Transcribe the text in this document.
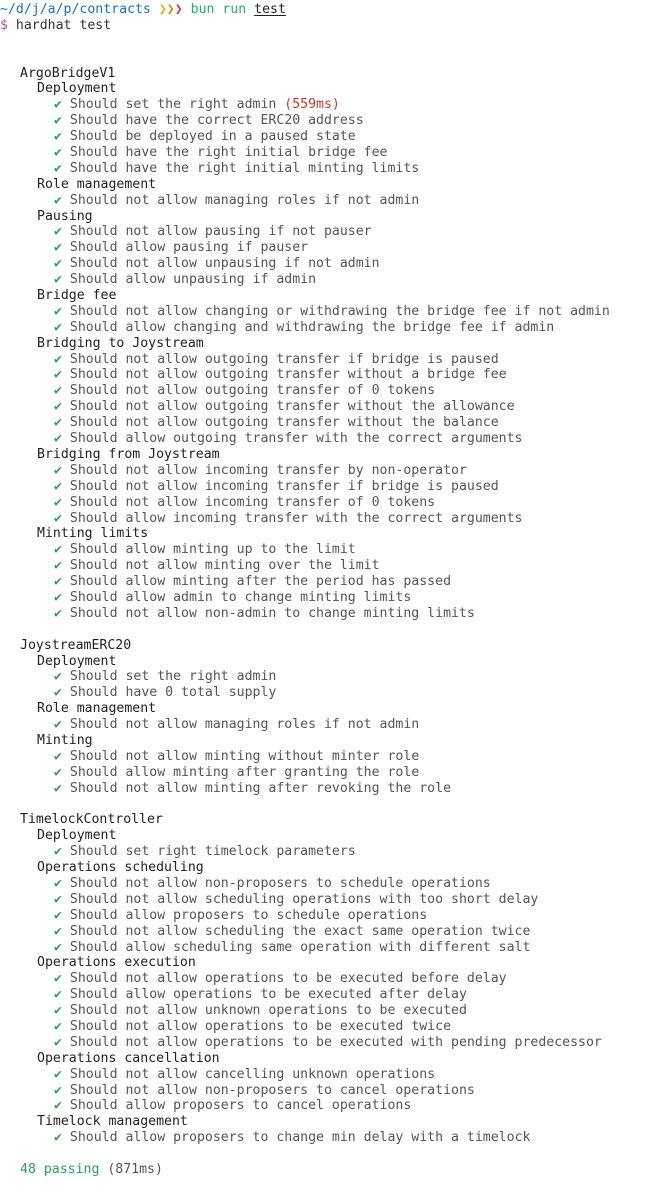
~/d/j/a/p/contracts ❯❯❯ bun run test
$ hardhat test
ArgoBridgeV1
Deployment
✔ Should set the right admin (559ms)
✔ Should have the correct ERC20 address
✔ Should be deployed in a paused state
✔ Should have the right initial bridge fee
✔ Should have the right initial minting limits
Role management
✔ Should not allow managing roles if not admin
Pausing
✔ Should not allow pausing if not pauser
✔ Should allow pausing if pauser
✔ Should not allow unpausing if not admin
✔ Should allow unpausing if admin
Bridge fee
✔ Should not allow changing or withdrawing the bridge fee if not admin
✔ Should allow changing and withdrawing the bridge fee if admin
Bridging to Joystream
✔ Should not allow outgoing transfer if bridge is paused
✔ Should not allow outgoing transfer without a bridge fee
✔ Should not allow outgoing transfer of 0 tokens
✔ Should not allow outgoing transfer without the allowance
✔ Should not allow outgoing transfer without the balance
✔ Should allow outgoing transfer with the correct arguments
Bridging from Joystream
✔ Should not allow incoming transfer by non-operator
✔ Should not allow incoming transfer if bridge is paused
✔ Should not allow incoming transfer of 0 tokens
✔ Should allow incoming transfer with the correct arguments
Minting limits
✔ Should allow minting up to the limit
✔ Should not allow minting over the limit
✔ Should allow minting after the period has passed
✔ Should allow admin to change minting limits
✔ Should not allow non-admin to change minting limits
JoystreamERC20
Deployment
✔ Should set the right admin
✔ Should have 0 total supply
Role management
✔ Should not allow managing roles if not admin
Minting
✔ Should not allow minting without minter role
✔ Should allow minting after granting the role
✔ Should not allow minting after revoking the role
TimelockController
Deployment
✔ Should set right timelock parameters
Operations scheduling
✔ Should not allow non-proposers to schedule operations
✔ Should not allow scheduling operations with too short delay
✔ Should allow proposers to schedule operations
✔ Should not allow scheduling the exact same operation twice
✔ Should allow scheduling same operation with different salt
Operations execution
✔ Should not allow operations to be executed before delay
✔ Should allow operations to be executed after delay
✔ Should not allow unknown operations to be executed
✔ Should not allow operations to be executed twice
✔ Should not allow operations to be executed with pending predecessor
Operations cancellation
✔ Should not allow cancelling unknown operations
✔ Should not allow non-proposers to cancel operations
✔ Should allow proposers to cancel operations
Timelock management
✔ Should allow proposers to change min delay with a timelock
48 passing (871ms)
